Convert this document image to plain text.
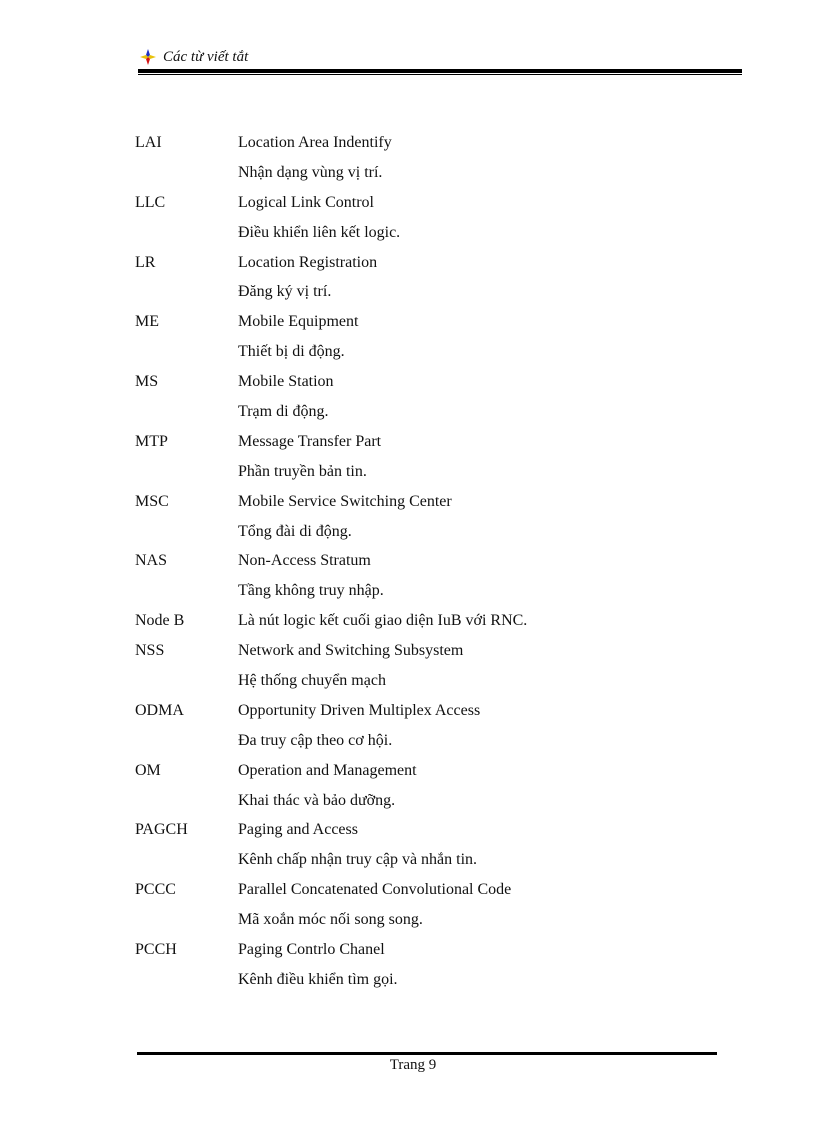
Các từ viết tắt
LAI	Location Area Indentify
Nhận dạng vùng vị trí.
LLC	Logical Link Control
Điều khiển liên kết logic.
LR	Location Registration
Đăng ký vị trí.
ME	Mobile Equipment
Thiết bị di động.
MS	Mobile Station
Trạm di động.
MTP	Message Transfer Part
Phần truyền bản tin.
MSC	Mobile Service Switching Center
Tổng đài di động.
NAS	Non-Access Stratum
Tầng không truy nhập.
Node B	Là nút logic kết cuối giao diện IuB với RNC.
NSS	Network and Switching Subsystem
Hệ thống chuyển mạch
ODMA	Opportunity Driven Multiplex Access
Đa truy cập theo cơ hội.
OM	Operation and Management
Khai thác và bảo dưỡng.
PAGCH	Paging and Access
Kênh chấp nhận truy cập và nhắn tin.
PCCC	Parallel Concatenated Convolutional Code
Mã xoắn móc nối song song.
PCCH	Paging Contrlo Chanel
Kênh điều khiển tìm gọi.
Trang 9
